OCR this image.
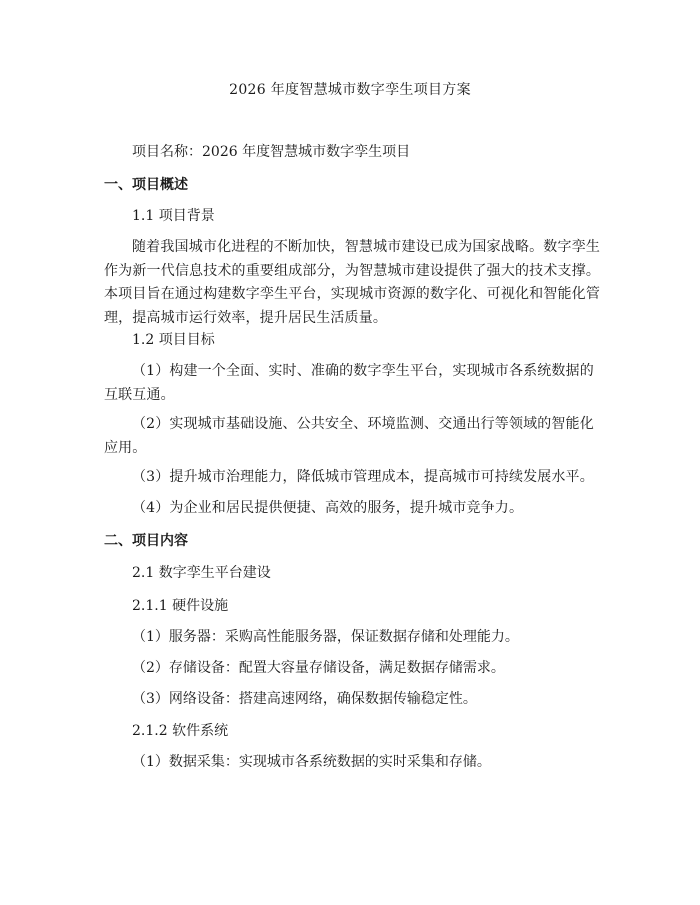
2026 年度智慧城市数字孪生项目方案
项目名称：2026 年度智慧城市数字孪生项目
一、项目概述
1.1 项目背景
随着我国城市化进程的不断加快，智慧城市建设已成为国家战略。数字孪生作为新一代信息技术的重要组成部分，为智慧城市建设提供了强大的技术支撑。本项目旨在通过构建数字孪生平台，实现城市资源的数字化、可视化和智能化管理，提高城市运行效率，提升居民生活质量。
1.2 项目目标
（1）构建一个全面、实时、准确的数字孪生平台，实现城市各系统数据的互联互通。
（2）实现城市基础设施、公共安全、环境监测、交通出行等领域的智能化应用。
（3）提升城市治理能力，降低城市管理成本，提高城市可持续发展水平。
（4）为企业和居民提供便捷、高效的服务，提升城市竞争力。
二、项目内容
2.1 数字孪生平台建设
2.1.1 硬件设施
（1）服务器：采购高性能服务器，保证数据存储和处理能力。
（2）存储设备：配置大容量存储设备，满足数据存储需求。
（3）网络设备：搭建高速网络，确保数据传输稳定性。
2.1.2 软件系统
（1）数据采集：实现城市各系统数据的实时采集和存储。
